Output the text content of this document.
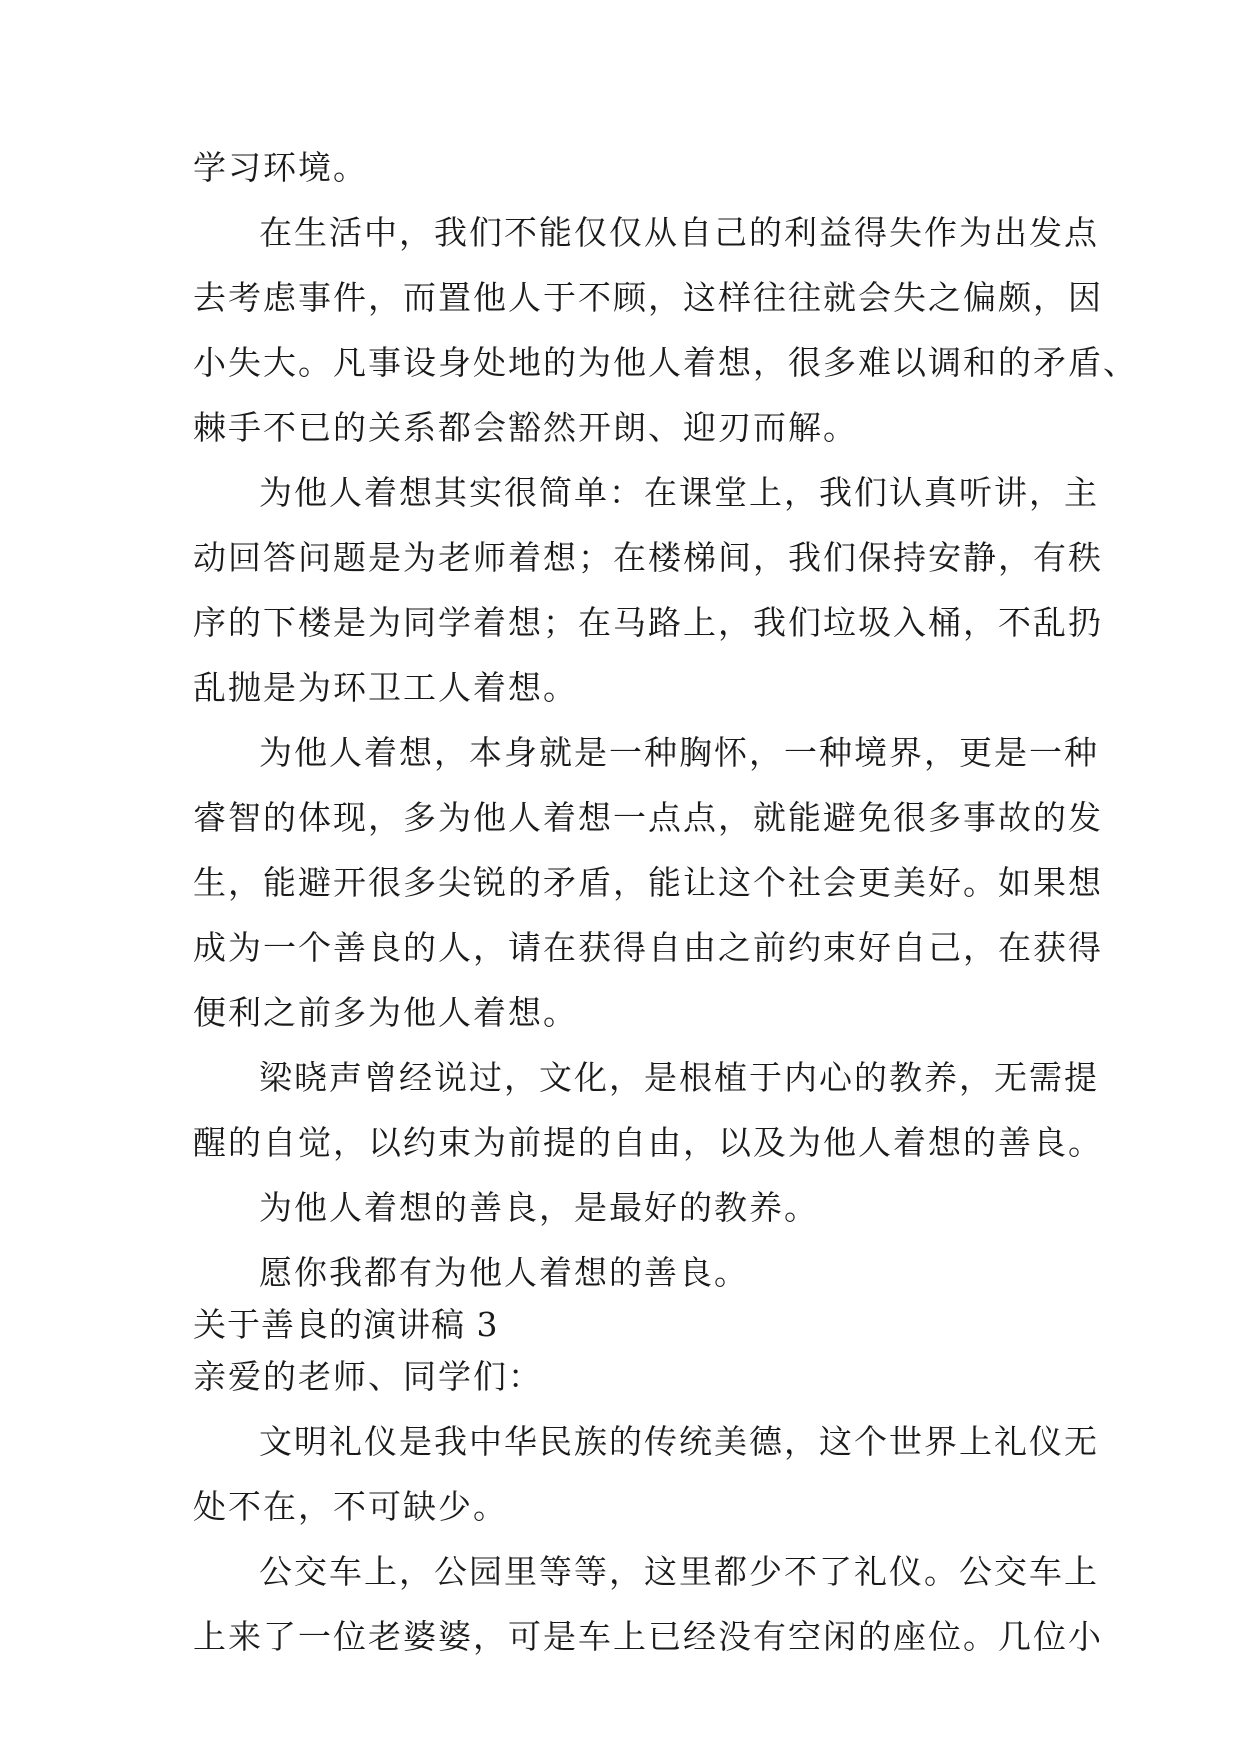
学习环境。
在生活中，我们不能仅仅从自己的利益得失作为出发点
去考虑事件，而置他人于不顾，这样往往就会失之偏颇，因
小失大。凡事设身处地的为他人着想，很多难以调和的矛盾、
棘手不已的关系都会豁然开朗、迎刃而解。
为他人着想其实很简单：在课堂上，我们认真听讲，主
动回答问题是为老师着想；在楼梯间，我们保持安静，有秩
序的下楼是为同学着想；在马路上，我们垃圾入桶，不乱扔
乱抛是为环卫工人着想。
为他人着想，本身就是一种胸怀，一种境界，更是一种
睿智的体现，多为他人着想一点点，就能避免很多事故的发
生，能避开很多尖锐的矛盾，能让这个社会更美好。如果想
成为一个善良的人，请在获得自由之前约束好自己，在获得
便利之前多为他人着想。
梁晓声曾经说过，文化，是根植于内心的教养，无需提
醒的自觉，以约束为前提的自由，以及为他人着想的善良。
为他人着想的善良，是最好的教养。
愿你我都有为他人着想的善良。
关于善良的演讲稿 3
亲爱的老师、同学们：
文明礼仪是我中华民族的传统美德，这个世界上礼仪无
处不在，不可缺少。
公交车上，公园里等等，这里都少不了礼仪。公交车上
上来了一位老婆婆，可是车上已经没有空闲的座位。几位小
